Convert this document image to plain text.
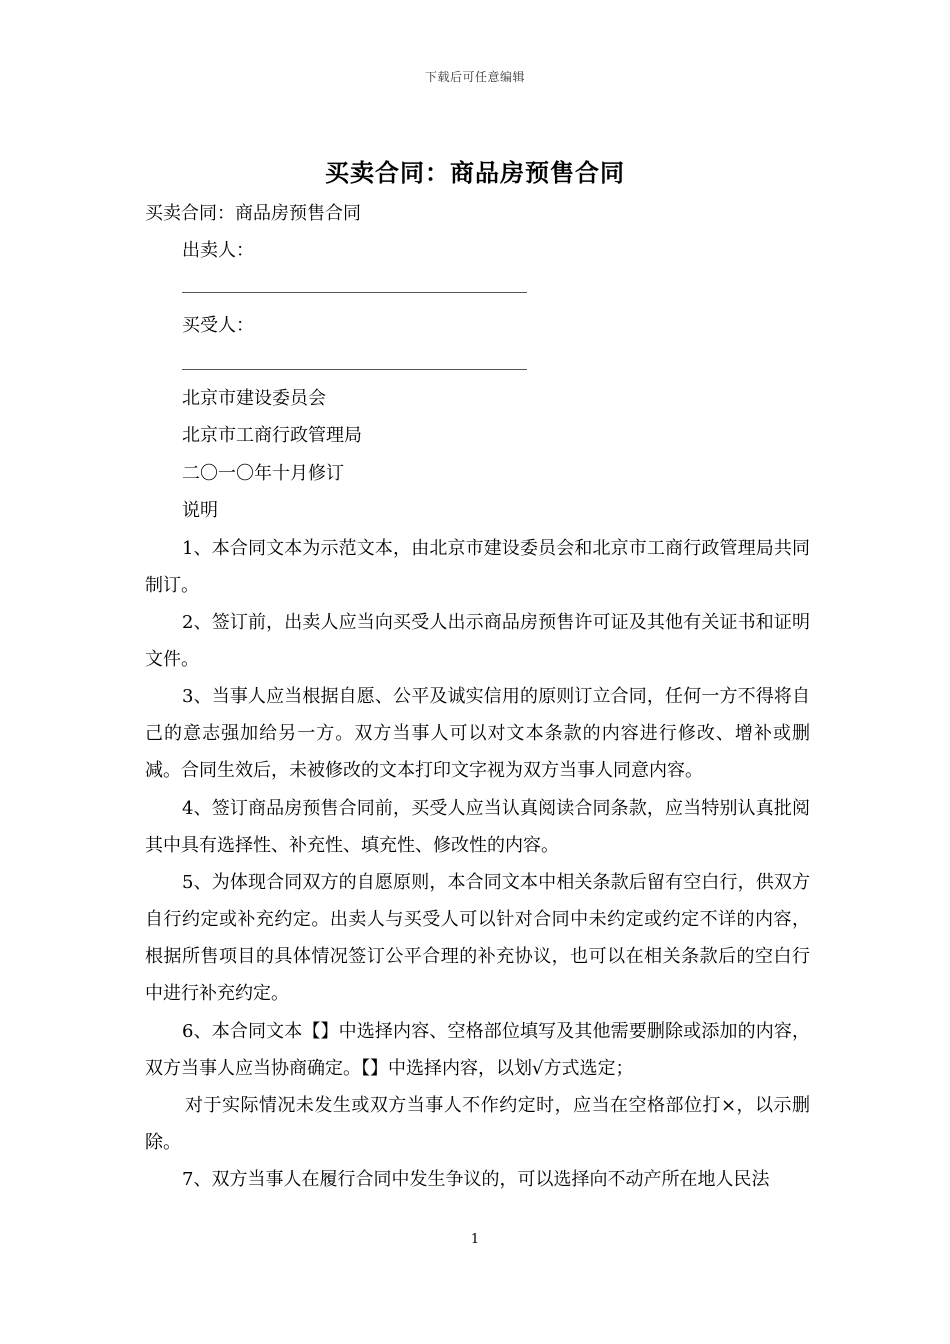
下载后可任意编辑
买卖合同：商品房预售合同
买卖合同：商品房预售合同
出卖人：
买受人：
北京市建设委员会
北京市工商行政管理局
二〇一〇年十月修订
说明
1、本合同文本为示范文本，由北京市建设委员会和北京市工商行政管理局共同制订。
2、签订前，出卖人应当向买受人出示商品房预售许可证及其他有关证书和证明文件。
3、当事人应当根据自愿、公平及诚实信用的原则订立合同，任何一方不得将自己的意志强加给另一方。双方当事人可以对文本条款的内容进行修改、增补或删减。合同生效后，未被修改的文本打印文字视为双方当事人同意内容。
4、签订商品房预售合同前，买受人应当认真阅读合同条款，应当特别认真批阅其中具有选择性、补充性、填充性、修改性的内容。
5、为体现合同双方的自愿原则，本合同文本中相关条款后留有空白行，供双方自行约定或补充约定。出卖人与买受人可以针对合同中未约定或约定不详的内容，根据所售项目的具体情况签订公平合理的补充协议，也可以在相关条款后的空白行中进行补充约定。
6、本合同文本【】中选择内容、空格部位填写及其他需要删除或添加的内容，双方当事人应当协商确定。【】中选择内容，以划√方式选定；
对于实际情况未发生或双方当事人不作约定时，应当在空格部位打×，以示删除。
7、双方当事人在履行合同中发生争议的，可以选择向不动产所在地人民法
1
